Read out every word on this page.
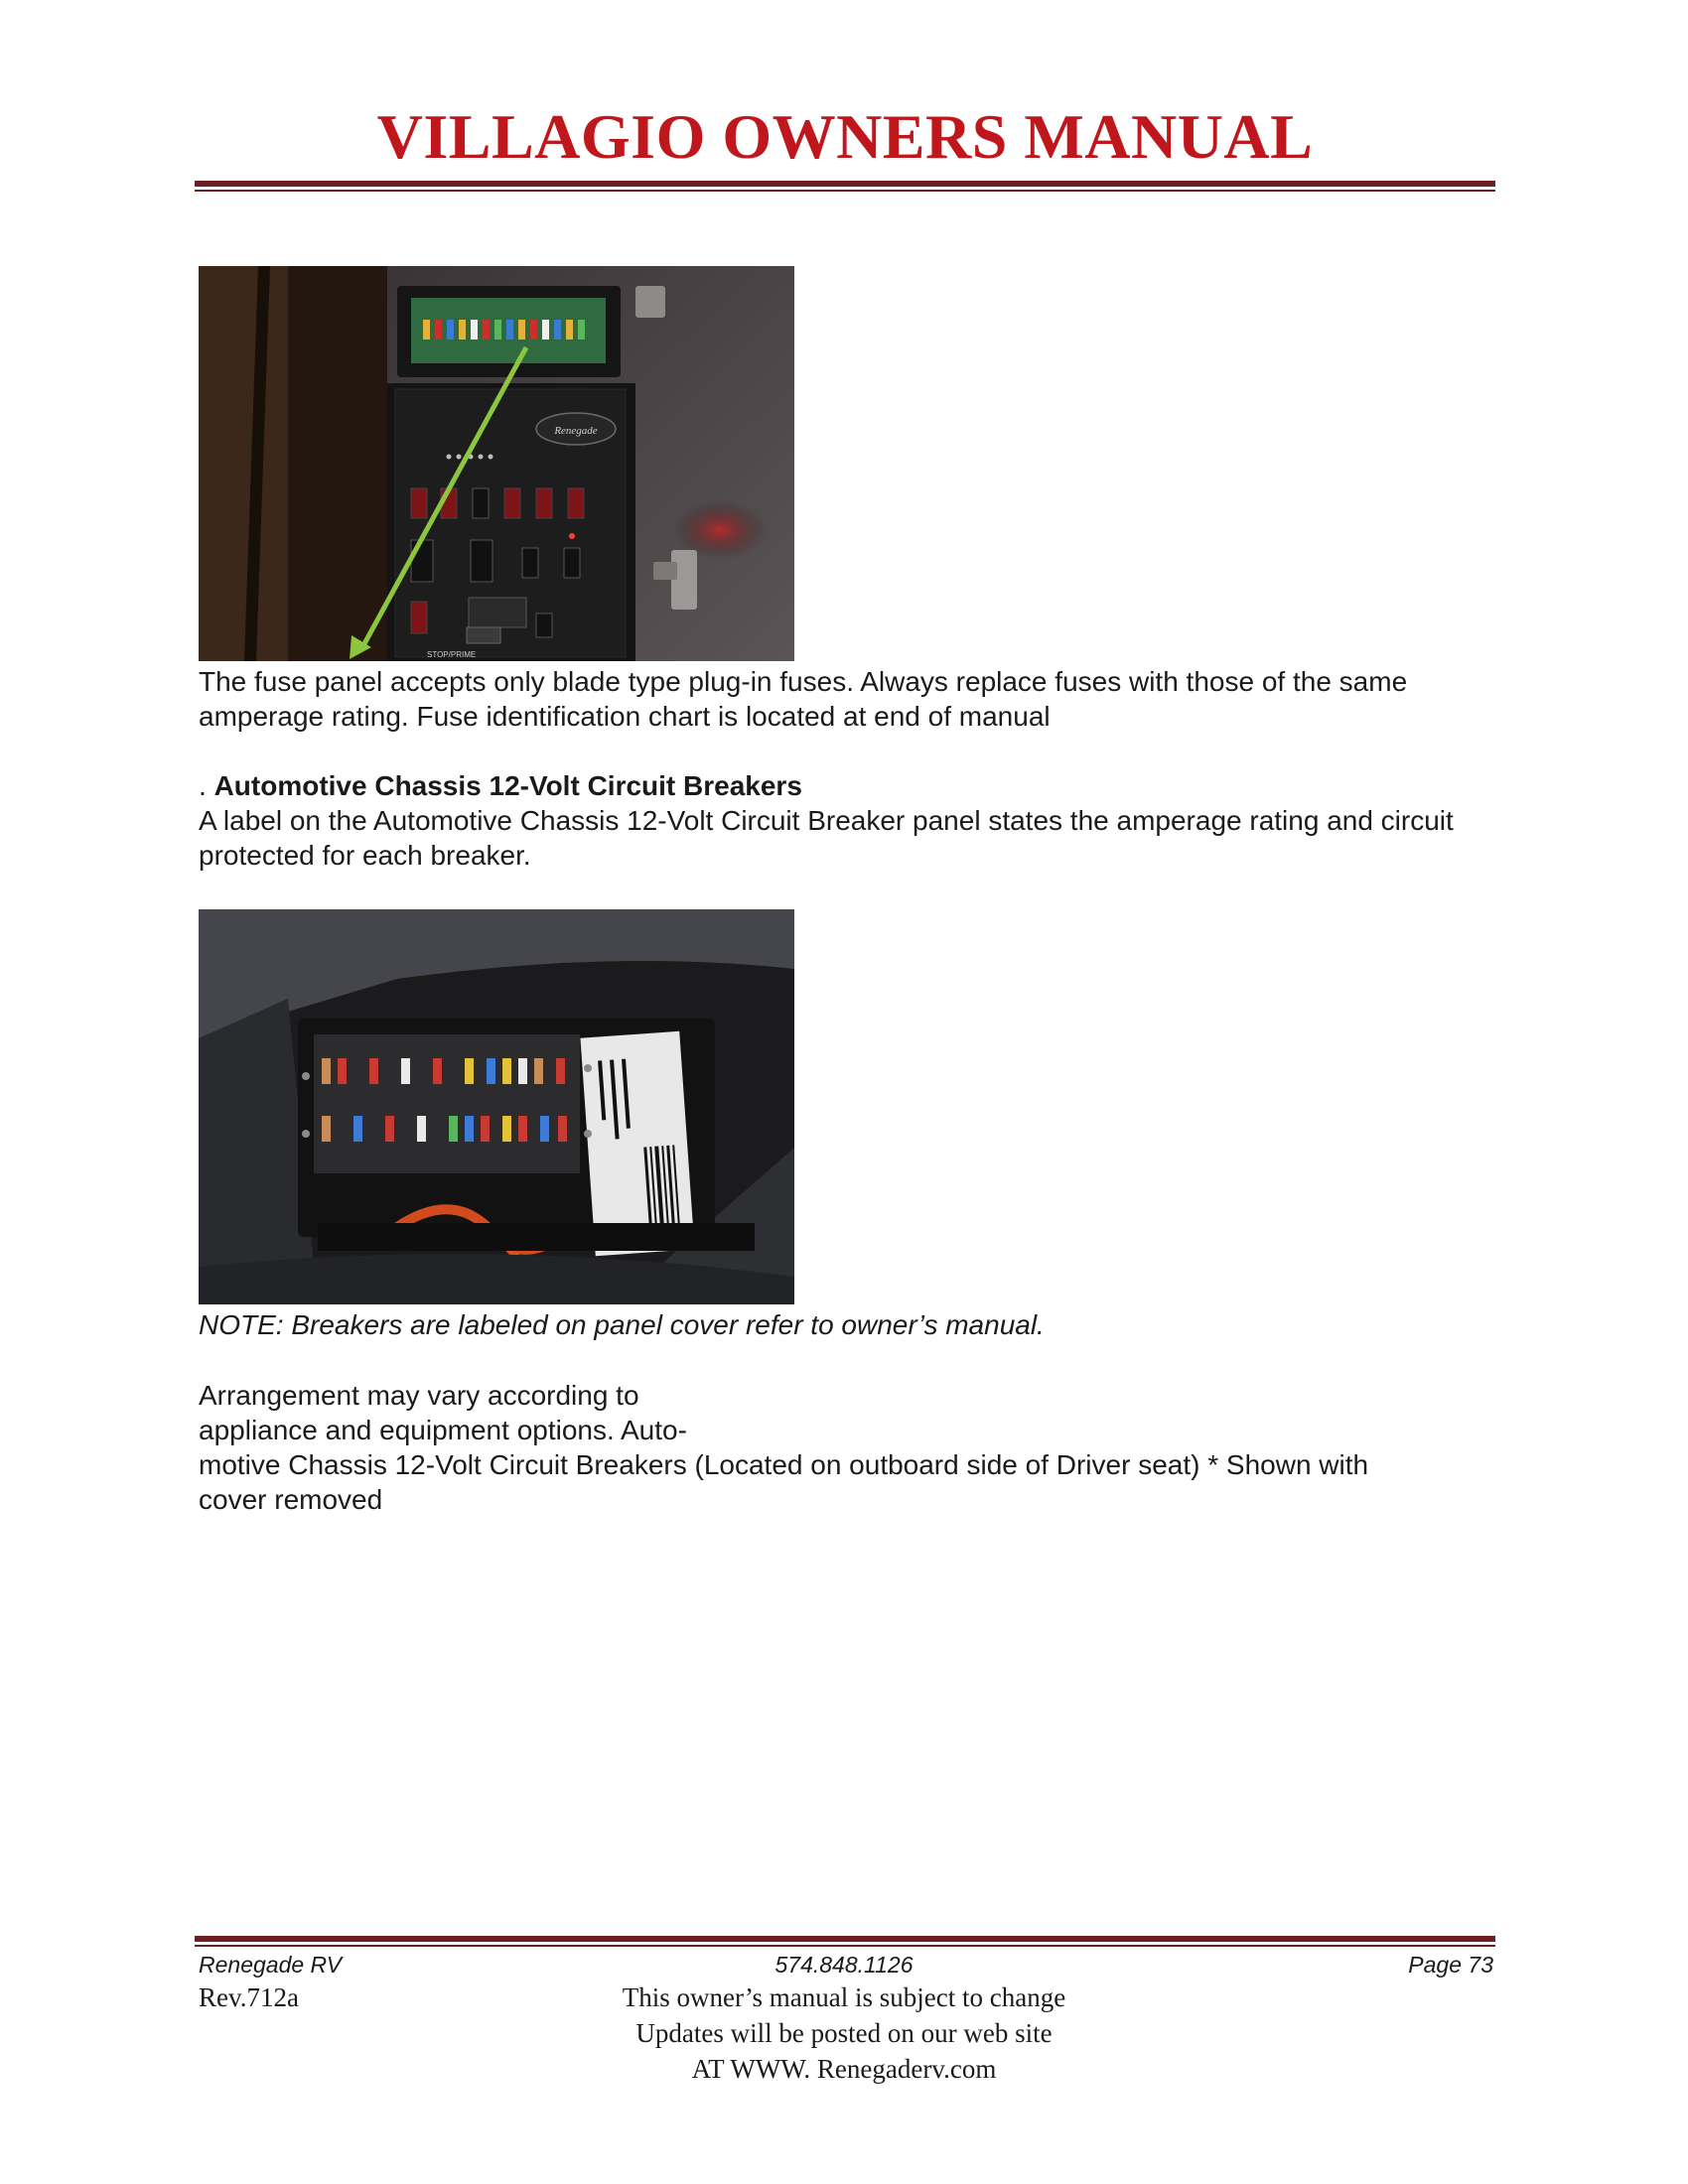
VILLAGIO OWNERS MANUAL
Renegade
STOP/PRIME
The fuse panel accepts only blade type plug-in fuses. Always replace fuses with those of the same amperage rating. Fuse identification chart is located at end of manual
. Automotive Chassis 12-Volt Circuit Breakers
A label on the Automotive Chassis 12-Volt Circuit Breaker panel states the amperage rating and circuit protected for each breaker.
NOTE: Breakers are labeled on panel cover refer to owner’s manual.
Arrangement may vary according to
appliance and equipment options. Auto-
motive Chassis 12-Volt Circuit Breakers (Located on outboard side of Driver seat) * Shown with
cover removed
Renegade RV	574.848.1126	Page 73
Rev.712a	This owner’s manual is subject to change
Updates will be posted on our web site
AT WWW. Renegaderv.com
